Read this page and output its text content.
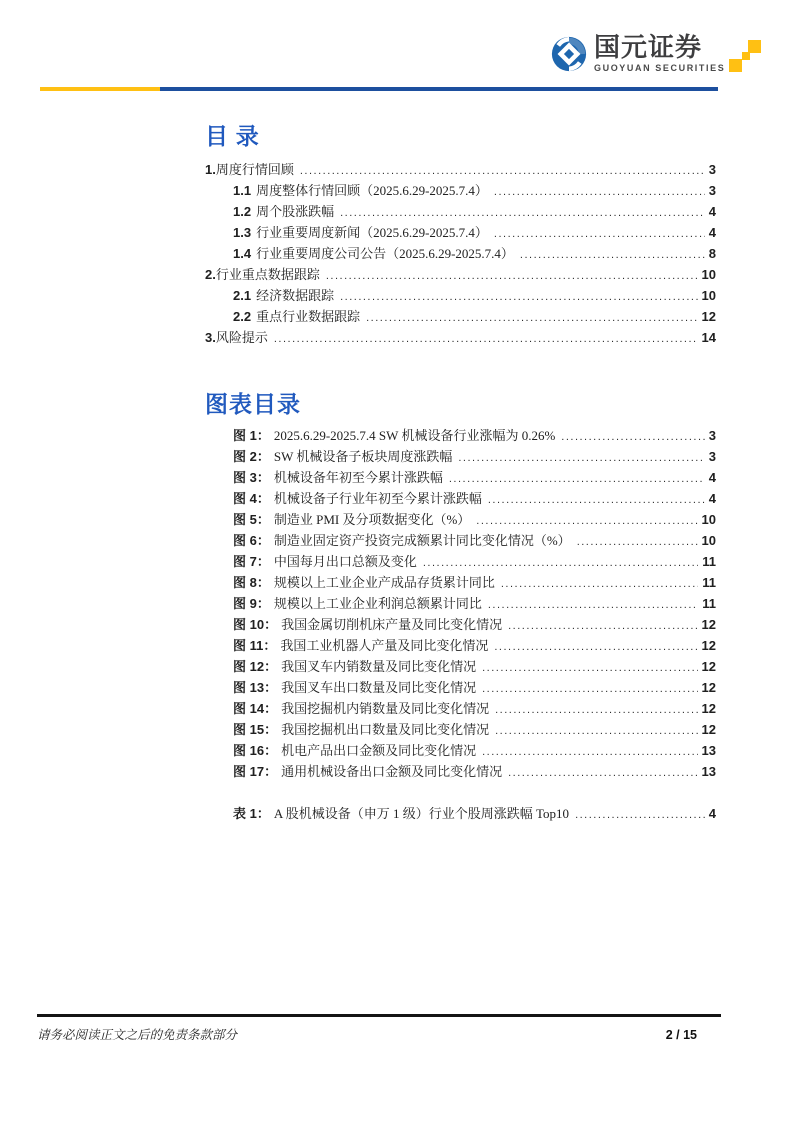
国元证券
GUOYUAN SECURITIES
目 录
1. 周度行情回顾 .....	3
1.1 周度整体行情回顾（2025.6.29-2025.7.4） .....	3
1.2 周个股涨跌幅 .....	4
1.3 行业重要周度新闻（2025.6.29-2025.7.4） .....	4
1.4 行业重要周度公司公告（2025.6.29-2025.7.4） .....	8
2. 行业重点数据跟踪 .....	10
2.1 经济数据跟踪 .....	10
2.2 重点行业数据跟踪 .....	12
3. 风险提示 .....	14
图表目录
图 1： 2025.6.29-2025.7.4 SW 机械设备行业涨幅为 0.26% .....	3
图 2： SW 机械设备子板块周度涨跌幅 .....	3
图 3： 机械设备年初至今累计涨跌幅 .....	4
图 4： 机械设备子行业年初至今累计涨跌幅 .....	4
图 5： 制造业 PMI 及分项数据变化（%） .....	10
图 6： 制造业固定资产投资完成额累计同比变化情况（%） .....	10
图 7： 中国每月出口总额及变化 .....	11
图 8： 规模以上工业企业产成品存货累计同比 .....	11
图 9： 规模以上工业企业利润总额累计同比 .....	11
图 10： 我国金属切削机床产量及同比变化情况 .....	12
图 11： 我国工业机器人产量及同比变化情况 .....	12
图 12： 我国叉车内销数量及同比变化情况 .....	12
图 13： 我国叉车出口数量及同比变化情况 .....	12
图 14： 我国挖掘机内销数量及同比变化情况 .....	12
图 15： 我国挖掘机出口数量及同比变化情况 .....	12
图 16： 机电产品出口金额及同比变化情况 .....	13
图 17： 通用机械设备出口金额及同比变化情况 .....	13
表 1： A 股机械设备（申万 1 级）行业个股周涨跌幅 Top10 .....	4
请务必阅读正文之后的免责条款部分	2 / 15
